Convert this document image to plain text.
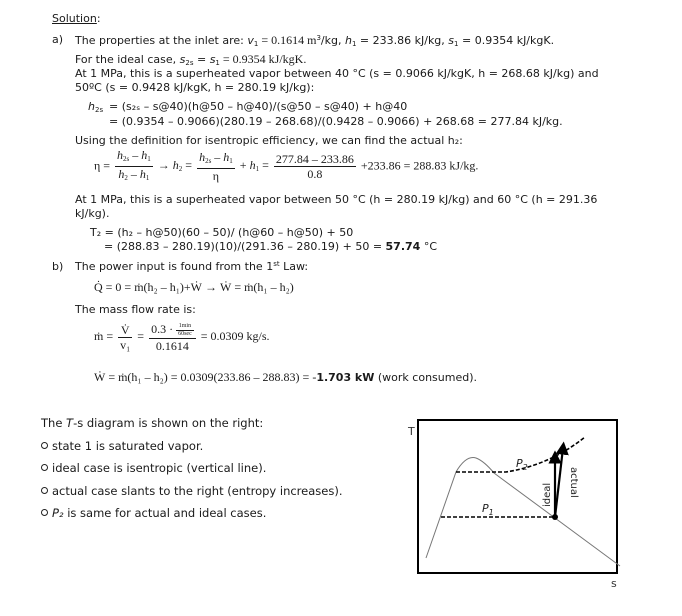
Solution:
a) The properties at the inlet are: $v_1 = 0.1614$ $m^3/kg$, $h_1 = 233.86$ kJ/kg, $s_1 = 0.9354$ kJ/kgK.
For the ideal case, $s_{2s} = s_1 = 0.9354$ kJ/kgK.
At 1 MPa, this is a superheated vapor between 40 °C (s = 0.9066 kJ/kgK, h = 268.68 kJ/kg) and
50ºC (s = 0.9428 kJ/kgK, h = 280.19 kJ/kg):
$h_{2s} = (s_{2s}$ – s@40)(h@50 – h@40)/(s@50 – s@40) + h@40
= (0.9354 – 0.9066)(280.19 – 268.68)/(0.9428 – 0.9066) + 268.68 = 277.84 kJ/kg.
Using the definition for isentropic efficiency, we can find the actual h₂:
$\eta = \frac{h_{2s} - h_1}{h_2 - h_1} \to h_2 = \frac{h_{2s} - h_1}{\eta} + h_1 = \frac{277.84 - 233.86}{0.8} +233.86 = 288.83$ kJ/kg.
At 1 MPa, this is a superheated vapor between 50 °C (h = 280.19 kJ/kg) and 60 °C (h = 291.36
kJ/kg).
T₂ = (h₂ – h@50)(60 – 50)/ (h@60 – h@50) + 50
= (288.83 – 280.19)(10)/(291.36 – 280.19) + 50 = 57.74 °C
b) The power input is found from the 1st Law:
Q̇ = 0 = ṁ(h₂ – h₁)+Ẇ → Ẇ = ṁ(h₁ – h₂)
The mass flow rate is:
ṁ = $\frac{V̇}{\text{v₁}} = \frac{0.3 \cdot \frac{1\min}{60\sec}}{0.1614} = 0.0309$ kg/s.
Ẇ = ṁ(h₁ – h₂) = 0.0309(233.86 – 288.83) = -1.703 kW (work consumed).
The T-s diagram is shown on the right:
state 1 is saturated vapor.
ideal case is isentropic (vertical line).
actual case slants to the right (entropy increases).
P₂ is same for actual and ideal cases.
T
$P_2$
$P_1$
ideal actual
s
